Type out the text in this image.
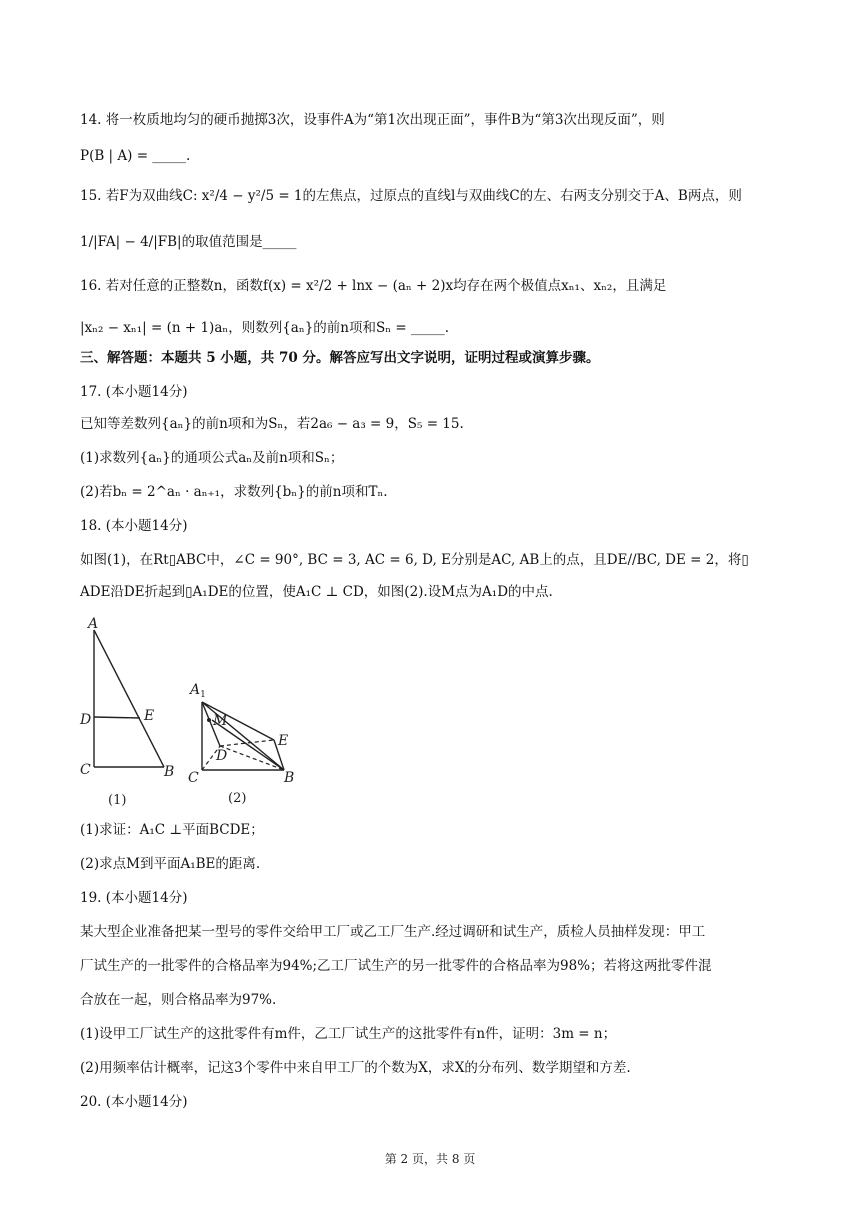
14. 将一枚质地均匀的硬币抛掷3次，设事件A为“第1次出现正面”，事件B为“第3次出现反面”，则
P(B | A) = _____.
15. 若F为双曲线C: x²/4 − y²/5 = 1的左焦点，过原点的直线l与双曲线C的左、右两支分别交于A、B两点，则
1/|FA| − 4/|FB|的取值范围是_____
16. 若对任意的正整数n，函数f(x) = x²/2 + lnx − (aₙ + 2)x均存在两个极值点xₙ₁、xₙ₂，且满足
|xₙ₂ − xₙ₁| = (n + 1)aₙ，则数列{aₙ}的前n项和Sₙ = _____.
三、解答题：本题共 5 小题，共 70 分。解答应写出文字说明，证明过程或演算步骤。
17. (本小题14分)
已知等差数列{aₙ}的前n项和为Sₙ，若2a₆ − a₃ = 9，S₅ = 15.
(1)求数列{aₙ}的通项公式aₙ及前n项和Sₙ；
(2)若bₙ = 2^aₙ · aₙ₊₁，求数列{bₙ}的前n项和Tₙ.
18. (本小题14分)
如图(1)，在Rt▯ABC中，∠C = 90°, BC = 3, AC = 6, D, E分别是AC, AB上的点，且DE//BC, DE = 2，将▯
ADE沿DE折起到▯A₁DE的位置，使A₁C ⊥ CD，如图(2).设M点为A₁D的中点.
A
D	E
C	B
(1)
$A_1$
M
D
E
C	B
(2)
(1)求证：A₁C ⊥平面BCDE；
(2)求点M到平面A₁BE的距离.
19. (本小题14分)
某大型企业准备把某一型号的零件交给甲工厂或乙工厂生产.经过调研和试生产，质检人员抽样发现：甲工
厂试生产的一批零件的合格品率为94%;乙工厂试生产的另一批零件的合格品率为98%；若将这两批零件混
合放在一起，则合格品率为97%.
(1)设甲工厂试生产的这批零件有m件，乙工厂试生产的这批零件有n件，证明：3m = n；
(2)用频率估计概率，记这3个零件中来自甲工厂的个数为X，求X的分布列、数学期望和方差.
20. (本小题14分)
第 2 页，共 8 页
